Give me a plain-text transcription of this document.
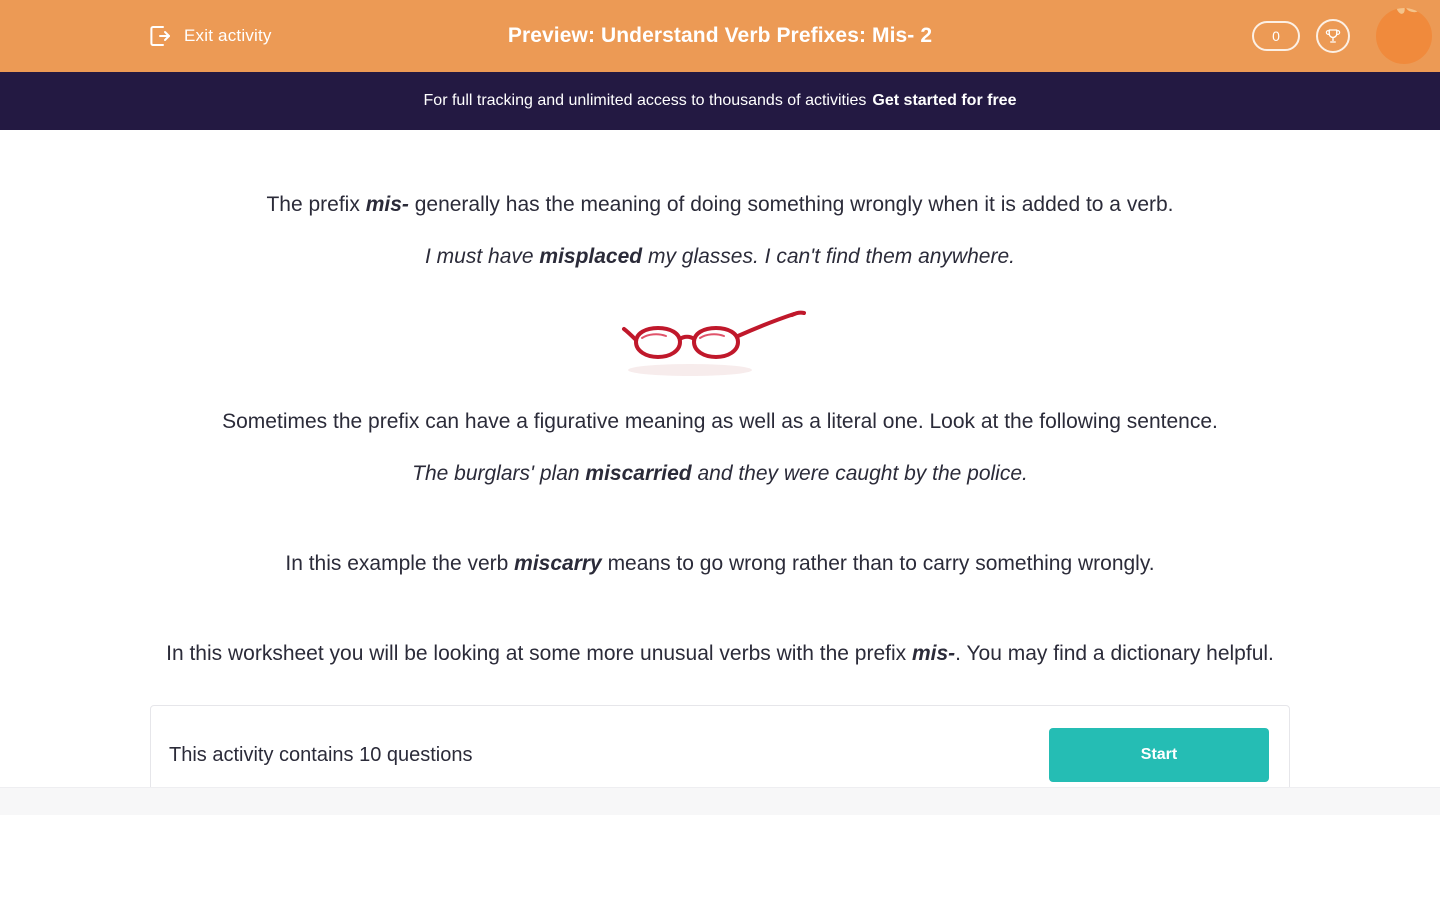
Exit activity	Preview: Understand Verb Prefixes: Mis- 2	0
For full tracking and unlimited access to thousands of activities Get started for free

The prefix mis- generally has the meaning of doing something wrongly when it is added to a verb.

I must have misplaced my glasses. I can't find them anywhere.

Sometimes the prefix can have a figurative meaning as well as a literal one. Look at the following sentence.

The burglars' plan miscarried and they were caught by the police.

In this example the verb miscarry means to go wrong rather than to carry something wrongly.

In this worksheet you will be looking at some more unusual verbs with the prefix mis-. You may find a dictionary helpful.

This activity contains 10 questions	Start
